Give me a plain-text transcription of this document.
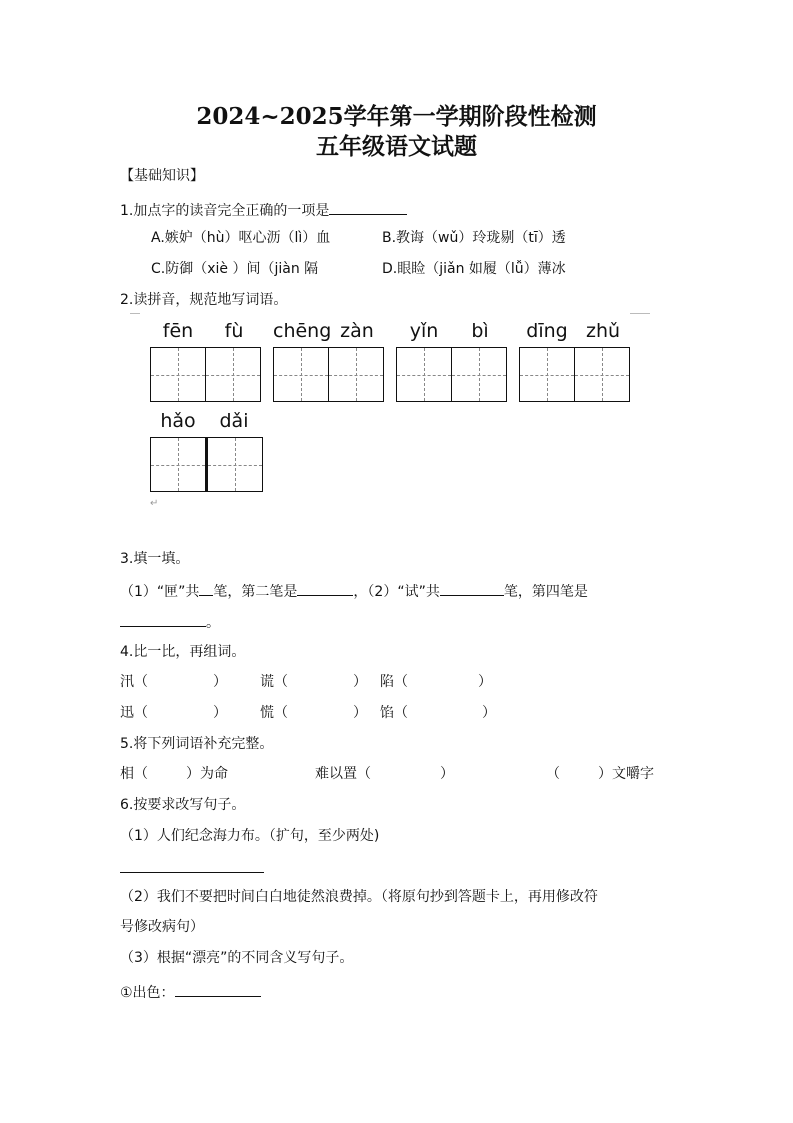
2024~2025学年第一学期阶段性检测
五年级语文试题
【基础知识】
1.加点字的读音完全正确的一项是
A.嫉妒（hù）呕心沥（lì）血	B.教诲（wǔ）玲珑剔（tī）透
C.防御（xiè ）间（jiàn 隔	D.眼睑（jiǎn 如履（lǚ）薄冰
2.读拼音，规范地写词语。
fēn	fù	chēng zàn	yǐn	bì	dīng zhǔ
hǎo	dǎi
↵
3.填一填。
（1）“匣”共 笔，第二笔是	，（2）“试”共	笔，第四笔是
。
4.比一比，再组词。
汛（	） 谎（	） 陷（	）
迅（	） 慌（	） 馅（	）
5.将下列词语补充完整。
相（	）为命	难以置（	）	（	）文嚼字
6.按要求改写句子。
（1）人们纪念海力布。（扩句，至少两处)
（2）我们不要把时间白白地徒然浪费掉。（将原句抄到答题卡上，再用修改符
号修改病句）
（3）根据“漂亮”的不同含义写句子。
①出色：
